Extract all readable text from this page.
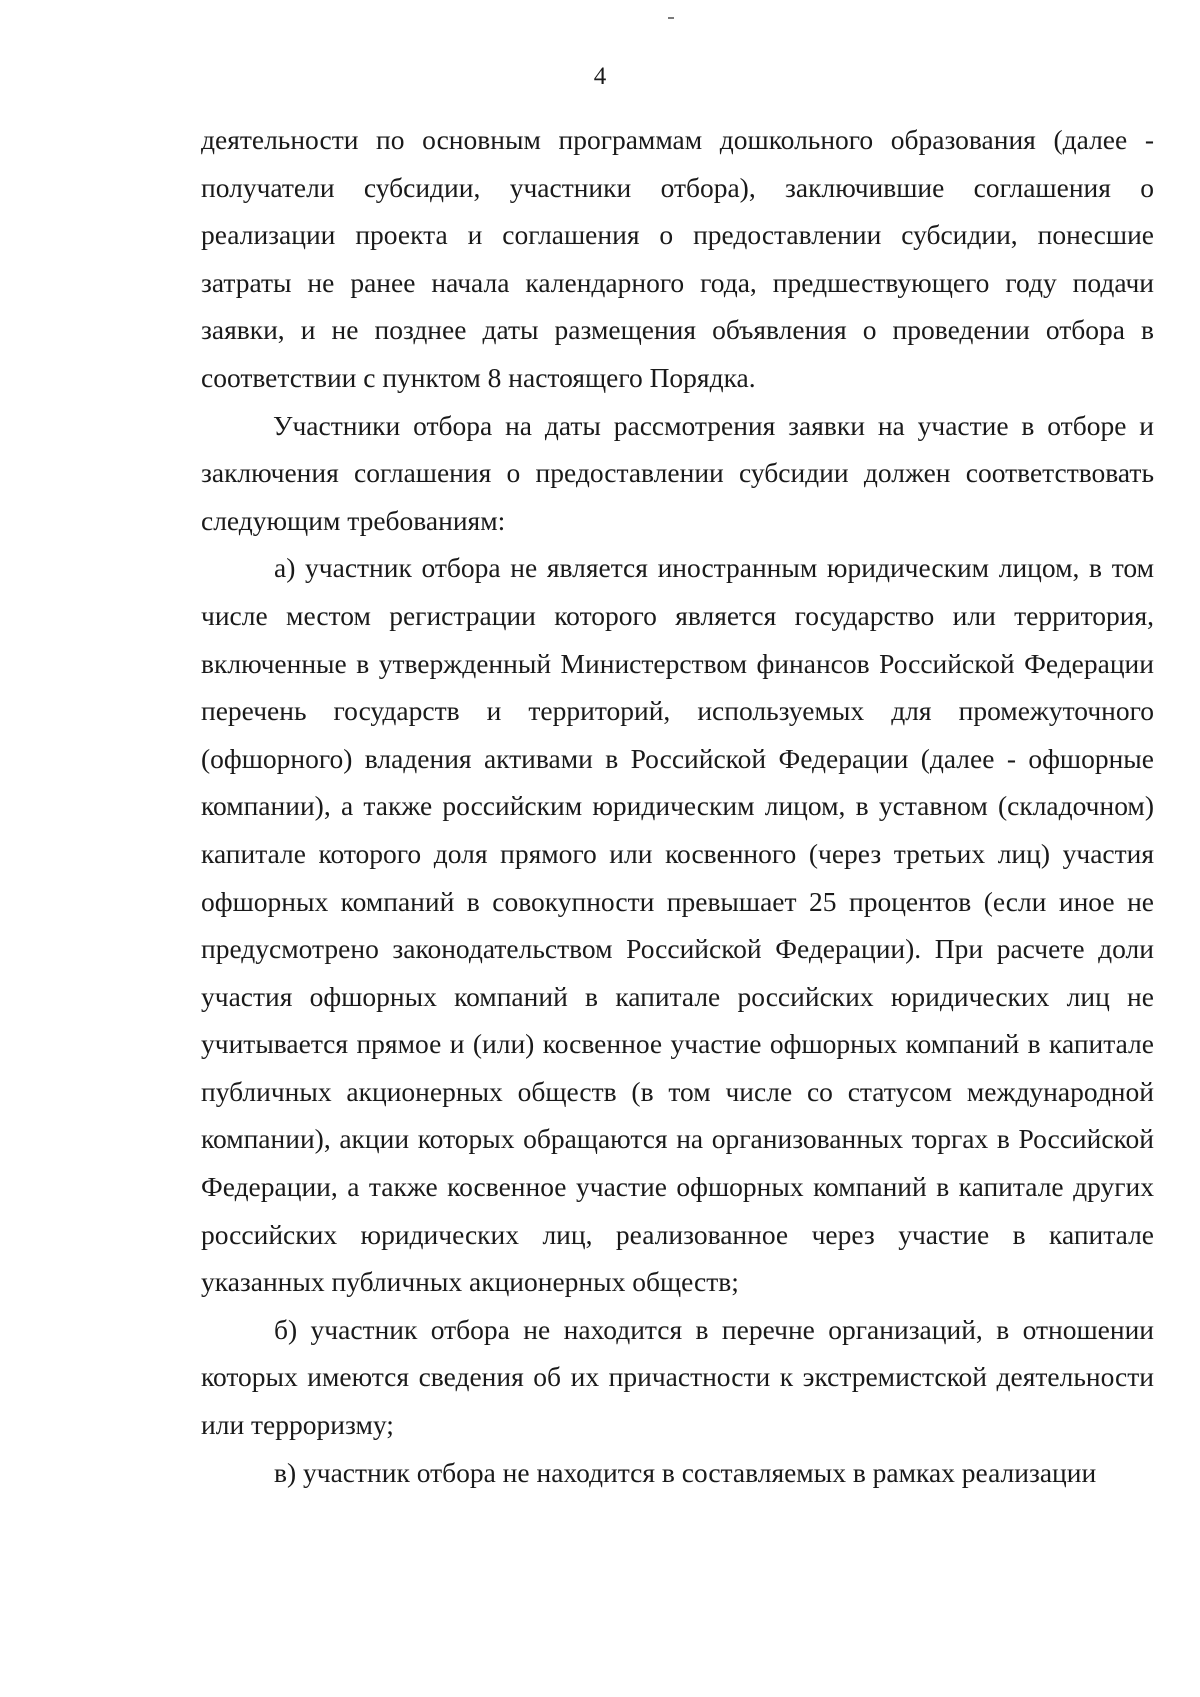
4

деятельности по основным программам дошкольного образования (далее - получатели субсидии, участники отбора), заключившие соглашения о реализации проекта и соглашения о предоставлении субсидии, понесшие затраты не ранее начала календарного года, предшествующего году подачи заявки, и не позднее даты размещения объявления о проведении отбора в соответствии с пунктом 8 настоящего Порядка.

Участники отбора на даты рассмотрения заявки на участие в отборе и заключения соглашения о предоставлении субсидии должен соответствовать следующим требованиям:

а) участник отбора не является иностранным юридическим лицом, в том числе местом регистрации которого является государство или территория, включенные в утвержденный Министерством финансов Российской Федерации перечень государств и территорий, используемых для промежуточного (офшорного) владения активами в Российской Федерации (далее - офшорные компании), а также российским юридическим лицом, в уставном (складочном) капитале которого доля прямого или косвенного (через третьих лиц) участия офшорных компаний в совокупности превышает 25 процентов (если иное не предусмотрено законодательством Российской Федерации). При расчете доли участия офшорных компаний в капитале российских юридических лиц не учитывается прямое и (или) косвенное участие офшорных компаний в капитале публичных акционерных обществ (в том числе со статусом международной компании), акции которых обращаются на организованных торгах в Российской Федерации, а также косвенное участие офшорных компаний в капитале других российских юридических лиц, реализованное через участие в капитале указанных публичных акционерных обществ;

б) участник отбора не находится в перечне организаций, в отношении которых имеются сведения об их причастности к экстремистской деятельности или терроризму;

в) участник отбора не находится в составляемых в рамках реализации
